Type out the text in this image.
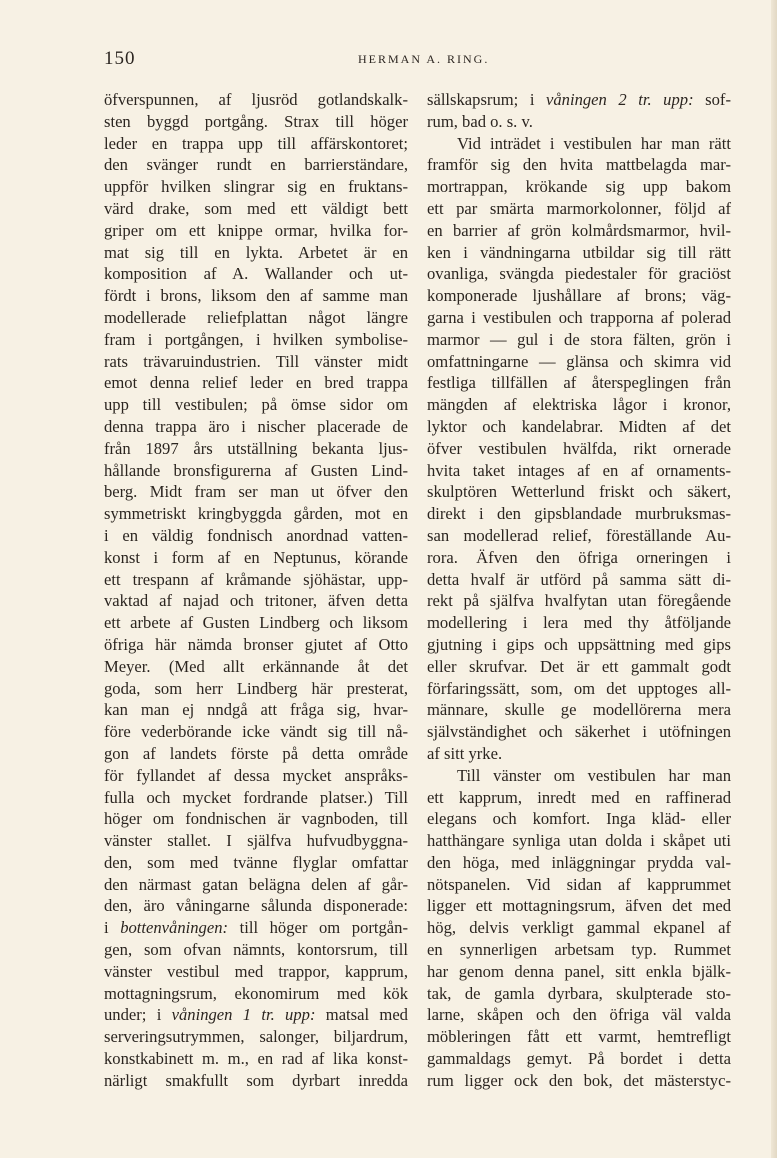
150	HERMAN A. RING.
öfverspunnen, af ljusröd gotlandskalk-
sten byggd portgång. Strax till höger
leder en trappa upp till affärskontoret;
den svänger rundt en barrierständare,
uppför hvilken slingrar sig en fruktans-
värd drake, som med ett väldigt bett
griper om ett knippe ormar, hvilka for-
mat sig till en lykta. Arbetet är en
komposition af A. Wallander och ut-
fördt i brons, liksom den af samme man
modellerade reliefplattan något längre
fram i portgången, i hvilken symbolise-
rats trävaruindustrien. Till vänster midt
emot denna relief leder en bred trappa
upp till vestibulen; på ömse sidor om
denna trappa äro i nischer placerade de
från 1897 års utställning bekanta ljus-
hållande bronsfigurerna af Gusten Lind-
berg. Midt fram ser man ut öfver den
symmetriskt kringbyggda gården, mot en
i en väldig fondnisch anordnad vatten-
konst i form af en Neptunus, körande
ett trespann af kråmande sjöhästar, upp-
vaktad af najad och tritoner, äfven detta
ett arbete af Gusten Lindberg och liksom
öfriga här nämda bronser gjutet af Otto
Meyer. (Med allt erkännande åt det
goda, som herr Lindberg här presterat,
kan man ej nndgå att fråga sig, hvar-
före vederbörande icke vändt sig till nå-
gon af landets förste på detta område
för fyllandet af dessa mycket anspråks-
fulla och mycket fordrande platser.) Till
höger om fondnischen är vagnboden, till
vänster stallet. I själfva hufvudbyggna-
den, som med tvänne flyglar omfattar
den närmast gatan belägna delen af går-
den, äro våningarne sålunda disponerade:
i bottenvåningen: till höger om portgån-
gen, som ofvan nämnts, kontorsrum, till
vänster vestibul med trappor, kapprum,
mottagningsrum, ekonomirum med kök
under; i våningen 1 tr. upp: matsal med
serveringsutrymmen, salonger, biljardrum,
konstkabinett m. m., en rad af lika konst-
närligt smakfullt som dyrbart inredda
sällskapsrum; i våningen 2 tr. upp: sof-
rum, bad o. s. v.
Vid inträdet i vestibulen har man rätt
framför sig den hvita mattbelagda mar-
mortrappan, krökande sig upp bakom
ett par smärta marmorkolonner, följd af
en barrier af grön kolmårdsmarmor, hvil-
ken i vändningarna utbildar sig till rätt
ovanliga, svängda piedestaler för graciöst
komponerade ljushållare af brons; väg-
garna i vestibulen och trapporna af polerad
marmor — gul i de stora fälten, grön i
omfattningarne — glänsa och skimra vid
festliga tillfällen af återspeglingen från
mängden af elektriska lågor i kronor,
lyktor och kandelabrar. Midten af det
öfver vestibulen hvälfda, rikt ornerade
hvita taket intages af en af ornaments-
skulptören Wetterlund friskt och säkert,
direkt i den gipsblandade murbruksmas-
san modellerad relief, föreställande Au-
rora. Äfven den öfriga orneringen i
detta hvalf är utförd på samma sätt di-
rekt på själfva hvalfytan utan föregående
modellering i lera med thy åtföljande
gjutning i gips och uppsättning med gips
eller skrufvar. Det är ett gammalt godt
förfaringssätt, som, om det upptoges all-
männare, skulle ge modellörerna mera
självständighet och säkerhet i utöfningen
af sitt yrke.
Till vänster om vestibulen har man
ett kapprum, inredt med en raffinerad
elegans och komfort. Inga kläd- eller
hatthängare synliga utan dolda i skåpet uti
den höga, med inläggningar prydda val-
nötspanelen. Vid sidan af kapprummet
ligger ett mottagningsrum, äfven det med
hög, delvis verkligt gammal ekpanel af
en synnerligen arbetsam typ. Rummet
har genom denna panel, sitt enkla bjälk-
tak, de gamla dyrbara, skulpterade sto-
larne, skåpen och den öfriga väl valda
möbleringen fått ett varmt, hemtrefligt
gammaldags gemyt. På bordet i detta
rum ligger ock den bok, det mästerstyc-
